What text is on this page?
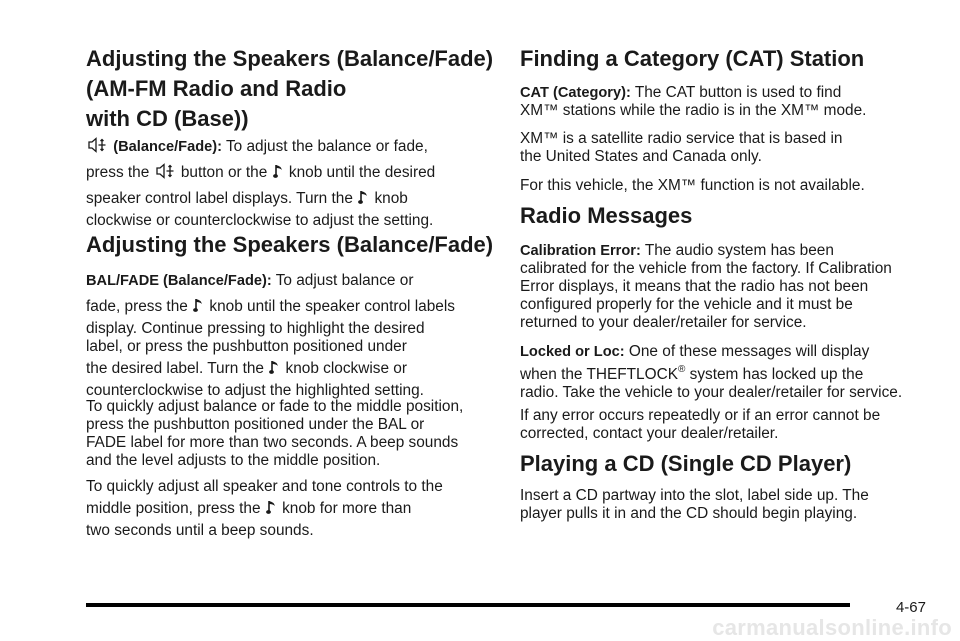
Adjusting the Speakers (Balance/Fade)
(AM-FM Radio and Radio
with CD (Base))
(Balance/Fade): To adjust the balance or fade,
press the button or the knob until the desired
speaker control label displays. Turn the knob
clockwise or counterclockwise to adjust the setting.
Adjusting the Speakers (Balance/Fade)
BAL/FADE (Balance/Fade): To adjust balance or
fade, press the knob until the speaker control labels
display. Continue pressing to highlight the desired
label, or press the pushbutton positioned under
the desired label. Turn the knob clockwise or
counterclockwise to adjust the highlighted setting.
To quickly adjust balance or fade to the middle position,
press the pushbutton positioned under the BAL or
FADE label for more than two seconds. A beep sounds
and the level adjusts to the middle position.
To quickly adjust all speaker and tone controls to the
middle position, press the knob for more than
two seconds until a beep sounds.
Finding a Category (CAT) Station
CAT (Category): The CAT button is used to find
XM™ stations while the radio is in the XM™ mode.
XM™ is a satellite radio service that is based in
the United States and Canada only.
For this vehicle, the XM™ function is not available.
Radio Messages
Calibration Error: The audio system has been
calibrated for the vehicle from the factory. If Calibration
Error displays, it means that the radio has not been
configured properly for the vehicle and it must be
returned to your dealer/retailer for service.
Locked or Loc: One of these messages will display
when the THEFTLOCK® system has locked up the
radio. Take the vehicle to your dealer/retailer for service.
If any error occurs repeatedly or if an error cannot be
corrected, contact your dealer/retailer.
Playing a CD (Single CD Player)
Insert a CD partway into the slot, label side up. The
player pulls it in and the CD should begin playing.
4-67
carmanualsonline.info
